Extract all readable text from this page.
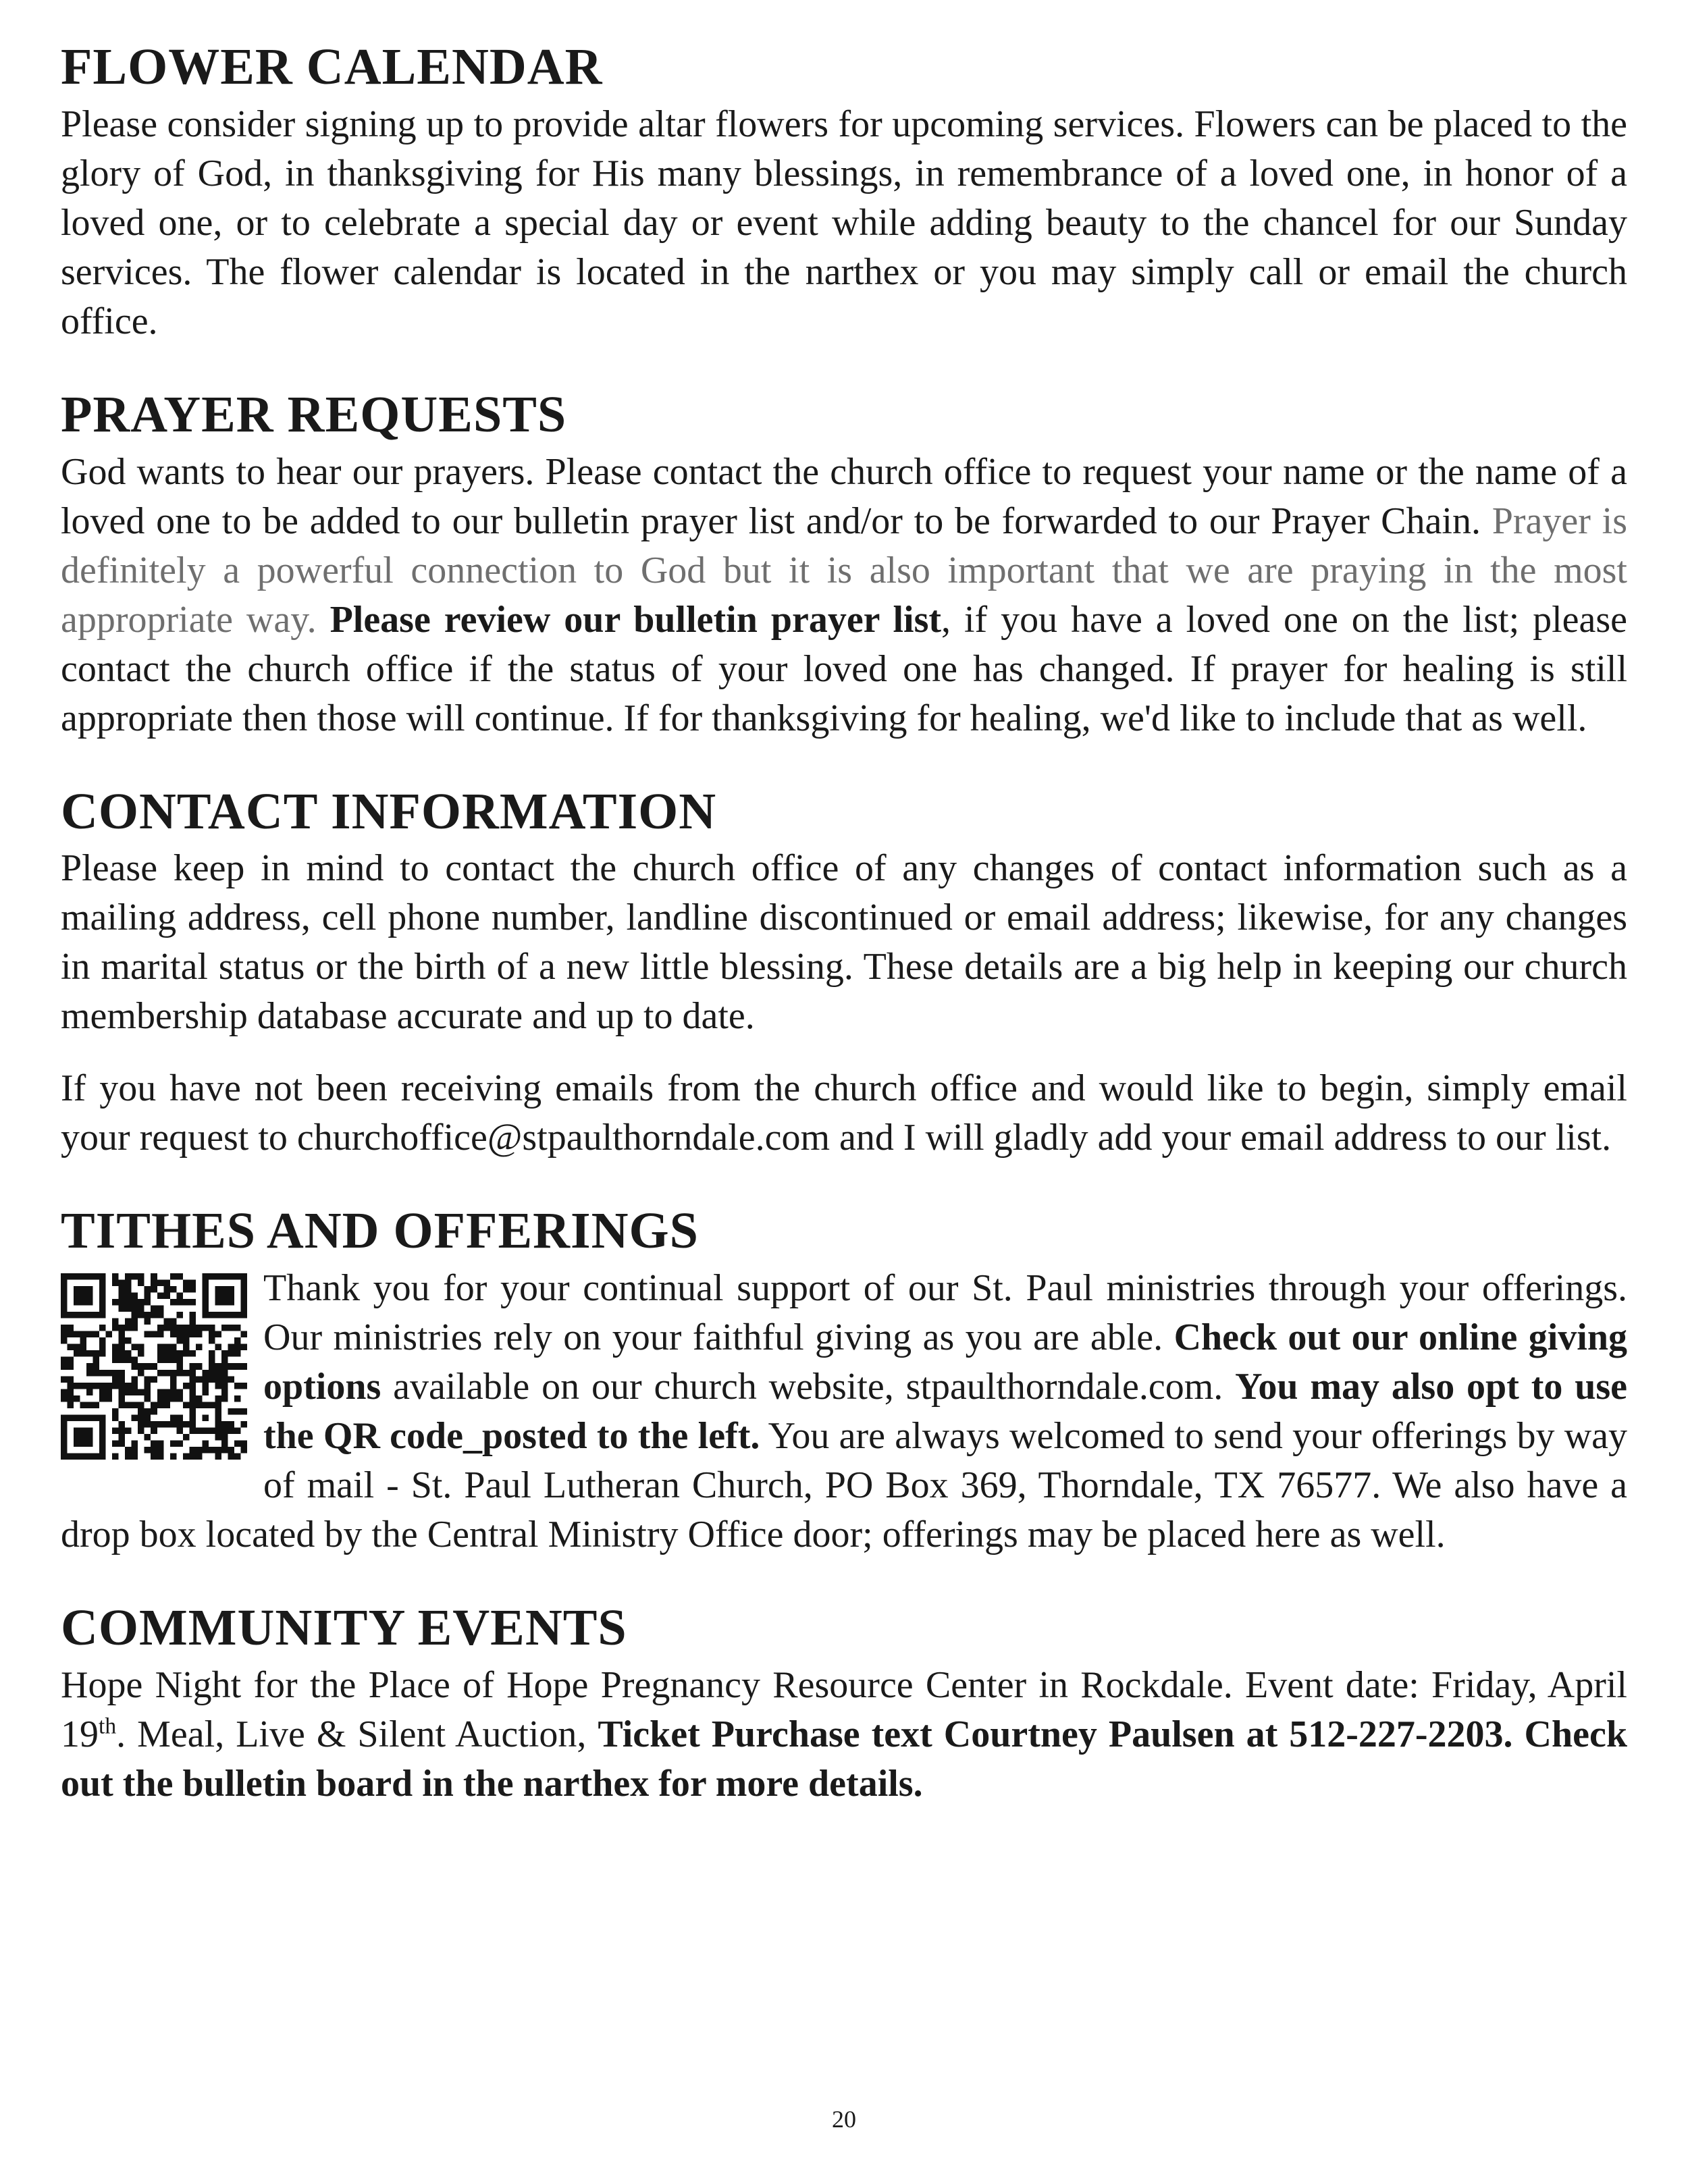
FLOWER CALENDAR

Please consider signing up to provide altar flowers for upcoming services. Flowers can be placed to the glory of God, in thanksgiving for His many blessings, in remembrance of a loved one, in honor of a loved one, or to celebrate a special day or event while adding beauty to the chancel for our Sunday services. The flower calendar is located in the narthex or you may simply call or email the church office.

PRAYER REQUESTS

God wants to hear our prayers. Please contact the church office to request your name or the name of a loved one to be added to our bulletin prayer list and/or to be forwarded to our Prayer Chain. Prayer is definitely a powerful connection to God but it is also important that we are praying in the most appropriate way. Please review our bulletin prayer list, if you have a loved one on the list; please contact the church office if the status of your loved one has changed. If prayer for healing is still appropriate then those will continue. If for thanksgiving for healing, we'd like to include that as well.

CONTACT INFORMATION

Please keep in mind to contact the church office of any changes of contact information such as a mailing address, cell phone number, landline discontinued or email address; likewise, for any changes in marital status or the birth of a new little blessing. These details are a big help in keeping our church membership database accurate and up to date.

If you have not been receiving emails from the church office and would like to begin, simply email your request to churchoffice@stpaulthorndale.com and I will gladly add your email address to our list.

TITHES AND OFFERINGS

Thank you for your continual support of our St. Paul ministries through your offerings. Our ministries rely on your faithful giving as you are able. Check out our online giving options available on our church website, stpaulthorndale.com. You may also opt to use the QR code_posted to the left. You are always welcomed to send your offerings by way of mail - St. Paul Lutheran Church, PO Box 369, Thorndale, TX 76577. We also have a drop box located by the Central Ministry Office door; offerings may be placed here as well.

COMMUNITY EVENTS

Hope Night for the Place of Hope Pregnancy Resource Center in Rockdale. Event date: Friday, April 19th. Meal, Live & Silent Auction, Ticket Purchase text Courtney Paulsen at 512-227-2203. Check out the bulletin board in the narthex for more details.

20
